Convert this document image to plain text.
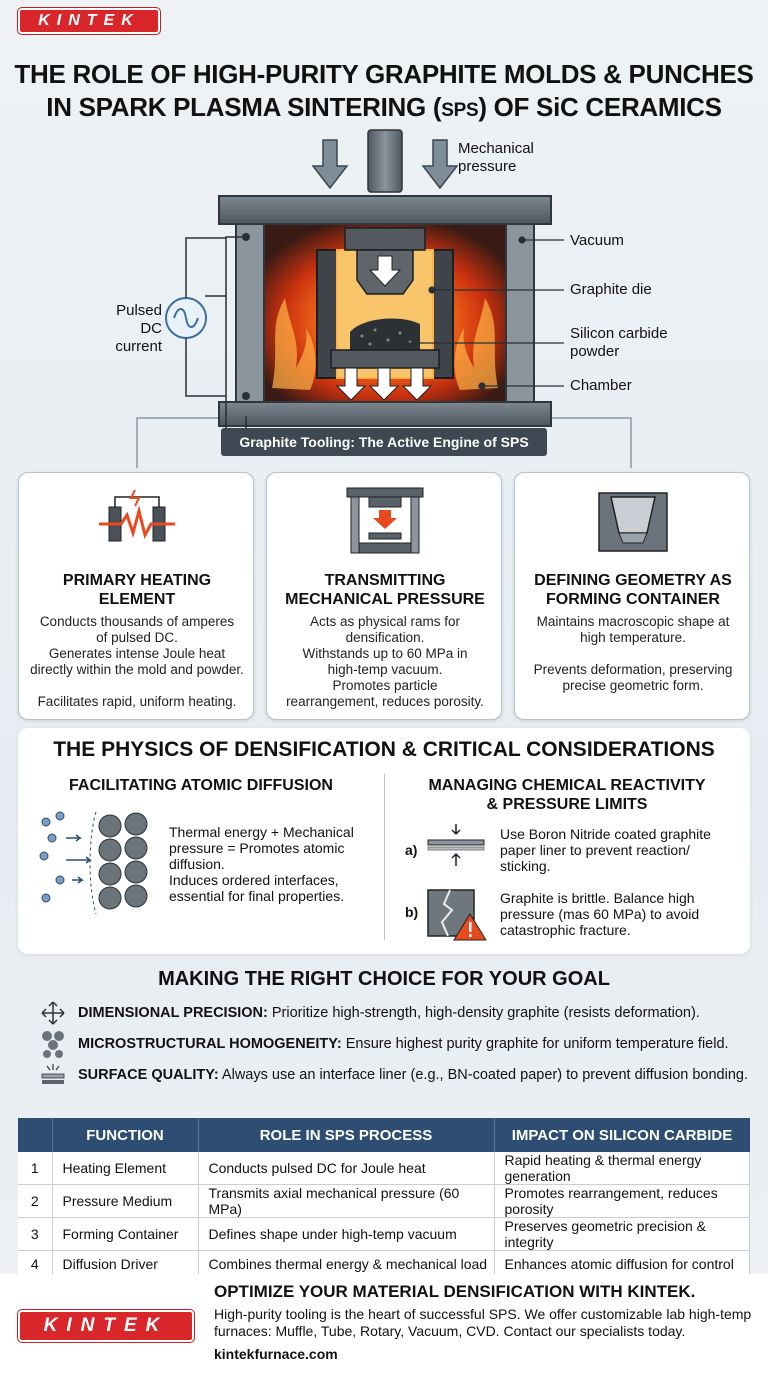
KINTEK
THE ROLE OF HIGH-PURITY GRAPHITE MOLDS & PUNCHES
IN SPARK PLASMA SINTERING (SPS) OF SiC CERAMICS
Mechanical
pressure
Vacuum
Graphite die
Silicon carbide
powder
Chamber
Pulsed DC
current
Graphite Tooling: The Active Engine of SPS
PRIMARY HEATING
ELEMENT
Conducts thousands of amperes
of pulsed DC.
Generates intense Joule heat
directly within the mold and powder.
Facilitates rapid, uniform heating.
TRANSMITTING
MECHANICAL PRESSURE
Acts as physical rams for
densification.
Withstands up to 60 MPa in
high-temp vacuum.
Promotes particle
rearrangement, reduces porosity.
DEFINING GEOMETRY AS
FORMING CONTAINER
Maintains macroscopic shape at
high temperature.
Prevents deformation, preserving
precise geometric form.
THE PHYSICS OF DENSIFICATION & CRITICAL CONSIDERATIONS
FACILITATING ATOMIC DIFFUSION
Thermal energy + Mechanical
pressure = Promotes atomic
diffusion.
Induces ordered interfaces,
essential for final properties.
MANAGING CHEMICAL REACTIVITY
& PRESSURE LIMITS
a)
Use Boron Nitride coated graphite
paper liner to prevent reaction/
sticking.
b)
Graphite is brittle. Balance high
pressure (mas 60 MPa) to avoid
catastrophic fracture.
MAKING THE RIGHT CHOICE FOR YOUR GOAL
DIMENSIONAL PRECISION: Prioritize high-strength, high-density graphite (resists deformation).
MICROSTRUCTURAL HOMOGENEITY: Ensure highest purity graphite for uniform temperature field.
SURFACE QUALITY: Always use an interface liner (e.g., BN-coated paper) to prevent diffusion bonding.
	FUNCTION	ROLE IN SPS PROCESS	IMPACT ON SILICON CARBIDE
1	Heating Element	Conducts pulsed DC for Joule heat	Rapid heating & thermal energy generation
2	Pressure Medium	Transmits axial mechanical pressure (60 MPa)	Promotes rearrangement, reduces porosity
3	Forming Container	Defines shape under high-temp vacuum	Preserves geometric precision & integrity
4	Diffusion Driver	Combines thermal energy & mechanical load	Enhances atomic diffusion for control
KINTEK
OPTIMIZE YOUR MATERIAL DENSIFICATION WITH KINTEK.
High-purity tooling is the heart of successful SPS. We offer customizable lab high-temp
furnaces: Muffle, Tube, Rotary, Vacuum, CVD. Contact our specialists today.
kintekfurnace.com
